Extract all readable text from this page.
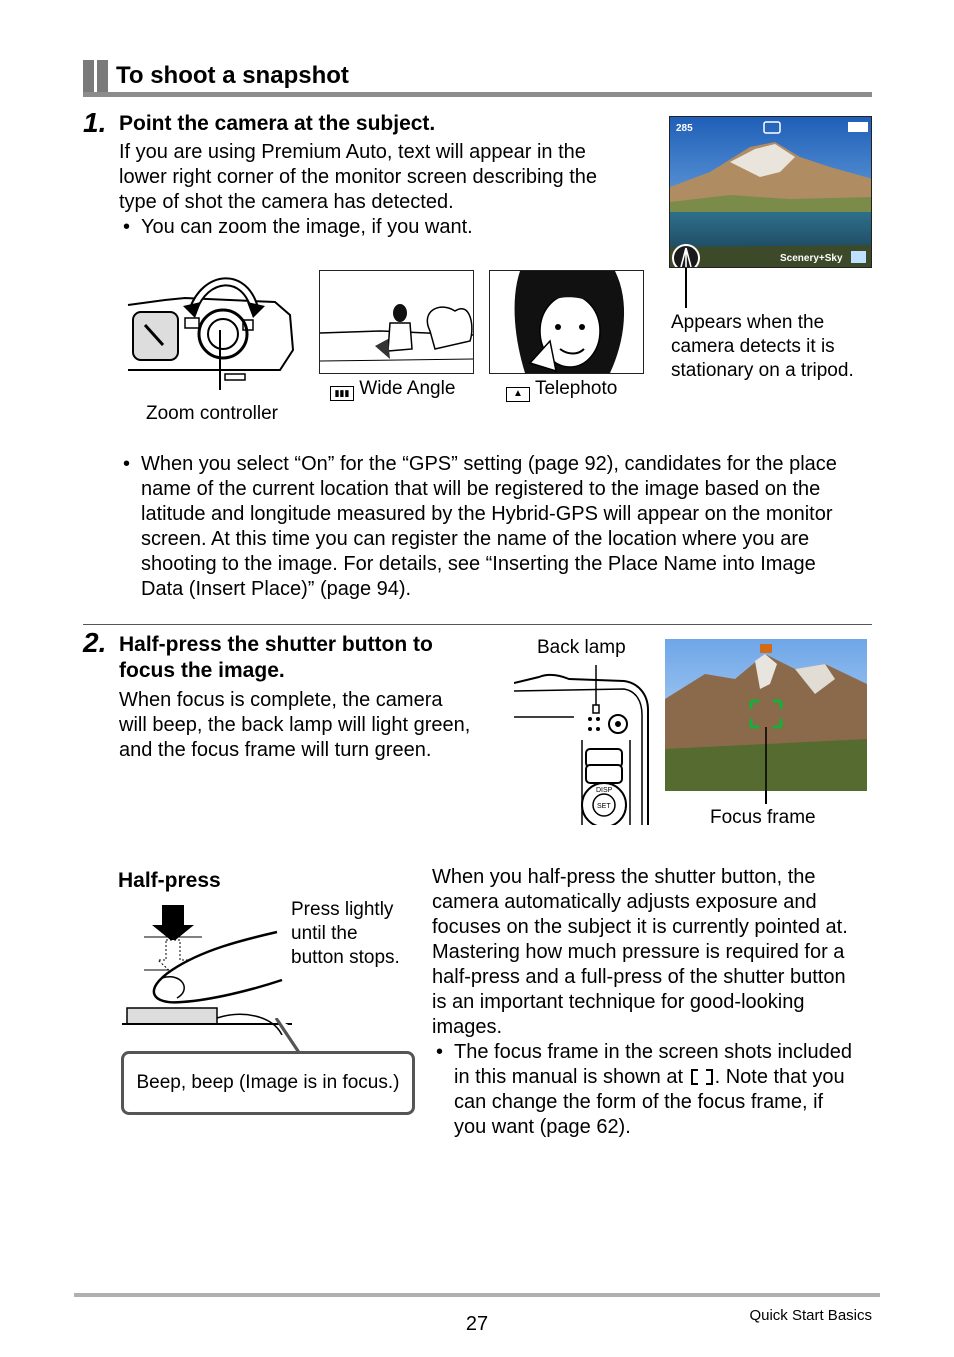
To shoot a snapshot
1. Point the camera at the subject.
If you are using Premium Auto, text will appear in the
lower right corner of the monitor screen describing the
type of shot the camera has detected.
• You can zoom the image, if you want.
285
Scenery+Sky
Appears when the
camera detects it is
stationary on a tripod.
Zoom controller
▮▮▮ Wide Angle	▲ Telephoto
• When you select “On” for the “GPS” setting (page 92), candidates for the place
name of the current location that will be registered to the image based on the
latitude and longitude measured by the Hybrid-GPS will appear on the monitor
screen. At this time you can register the name of the location where you are
shooting to the image. For details, see “Inserting the Place Name into Image
Data (Insert Place)” (page 94).
2. Half-press the shutter button to
focus the image.
When focus is complete, the camera
will beep, the back lamp will light green,
and the focus frame will turn green.
Back lamp
DISP
SET
Focus frame
Half-press
Press lightly
until the
button stops.
Beep, beep (Image is in focus.)
When you half-press the shutter button, the
camera automatically adjusts exposure and
focuses on the subject it is currently pointed at.
Mastering how much pressure is required for a
half-press and a full-press of the shutter button
is an important technique for good-looking
images.
• The focus frame in the screen shots included
in this manual is shown at . Note that you
can change the form of the focus frame, if
you want (page 62).
27	Quick Start Basics
